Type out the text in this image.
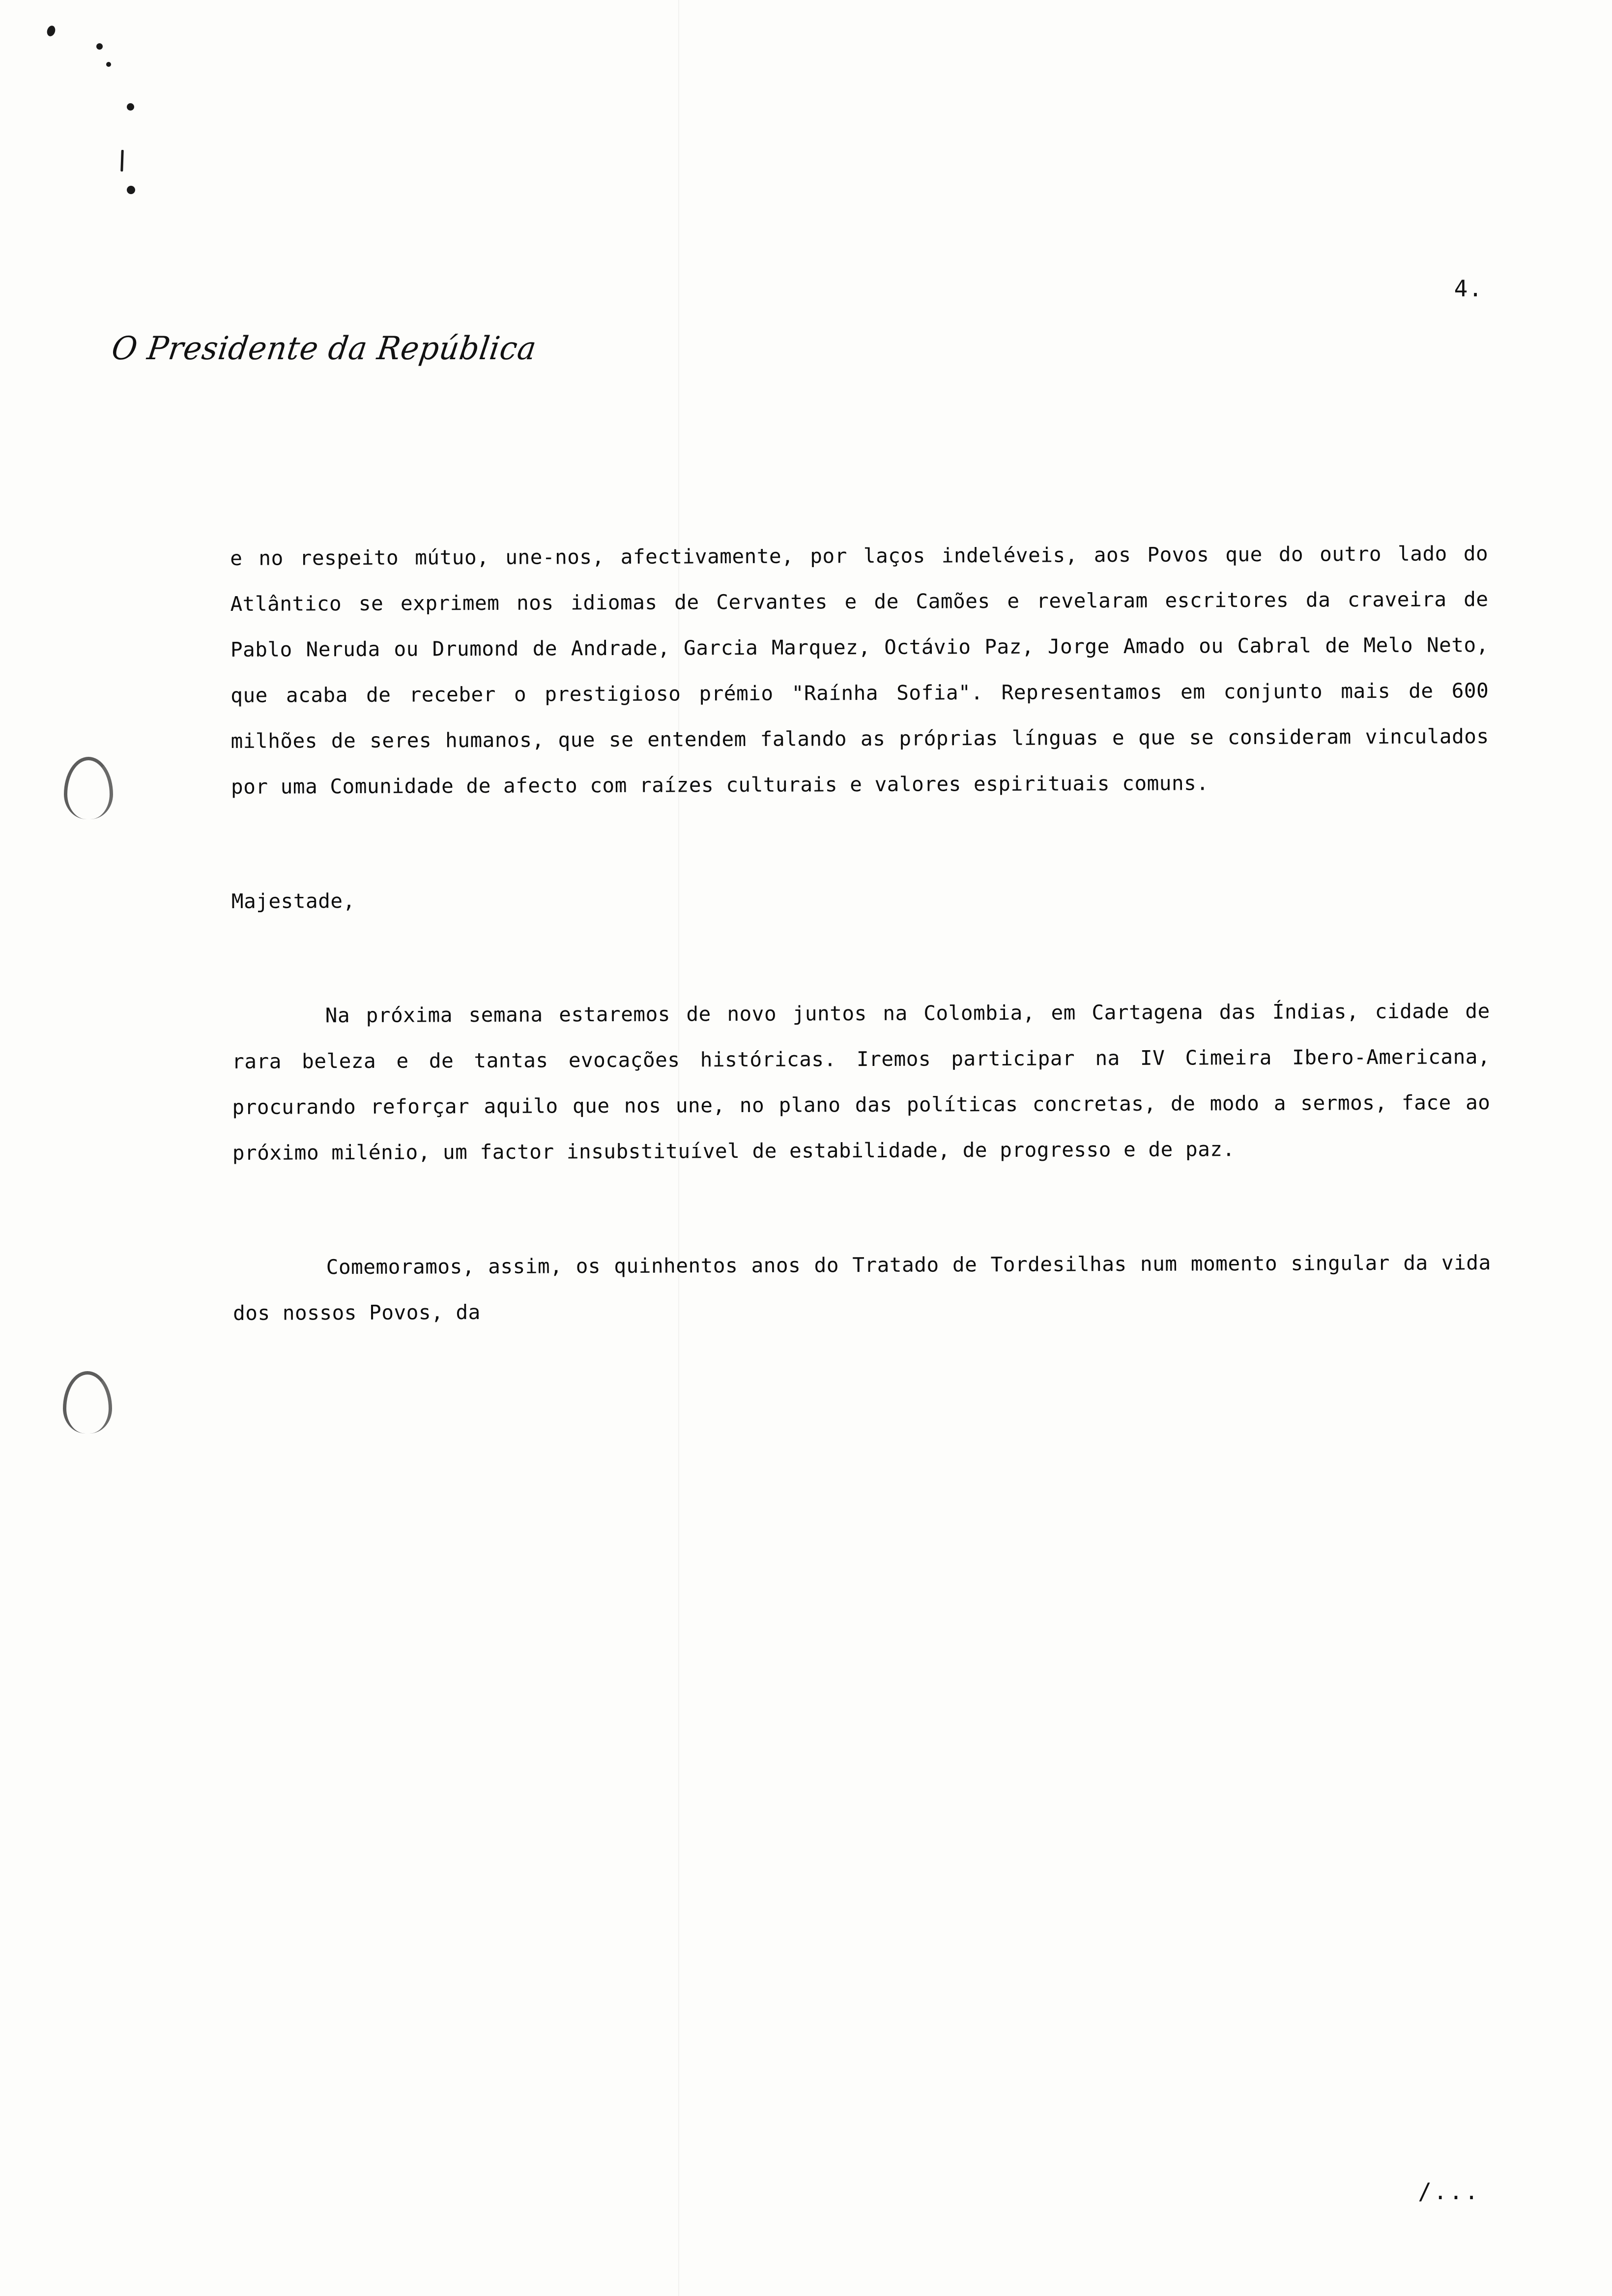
4.
O Presidente da República

e no respeito mútuo, une-nos, afectivamente, por laços indeléveis, aos Povos que do outro lado do Atlântico se exprimem nos idiomas de Cervantes e de Camões e revelaram escritores da craveira de Pablo Neruda ou Drumond de Andrade, Garcia Marquez, Octávio Paz, Jorge Amado ou Cabral de Melo Neto, que acaba de receber o prestigioso prémio "Raínha Sofia". Representamos em conjunto mais de 600 milhões de seres humanos, que se entendem falando as próprias línguas e que se consideram vinculados por uma Comunidade de afecto com raízes culturais e valores espirituais comuns.

Majestade,

Na próxima semana estaremos de novo juntos na Colombia, em Cartagena das Índias, cidade de rara beleza e de tantas evocações históricas. Iremos participar na IV Cimeira Ibero-Americana, procurando reforçar aquilo que nos une, no plano das políticas concretas, de modo a sermos, face ao próximo milénio, um factor insubstituível de estabilidade, de progresso e de paz.

Comemoramos, assim, os quinhentos anos do Tratado de Tordesilhas num momento singular da vida dos nossos Povos, da

/...
